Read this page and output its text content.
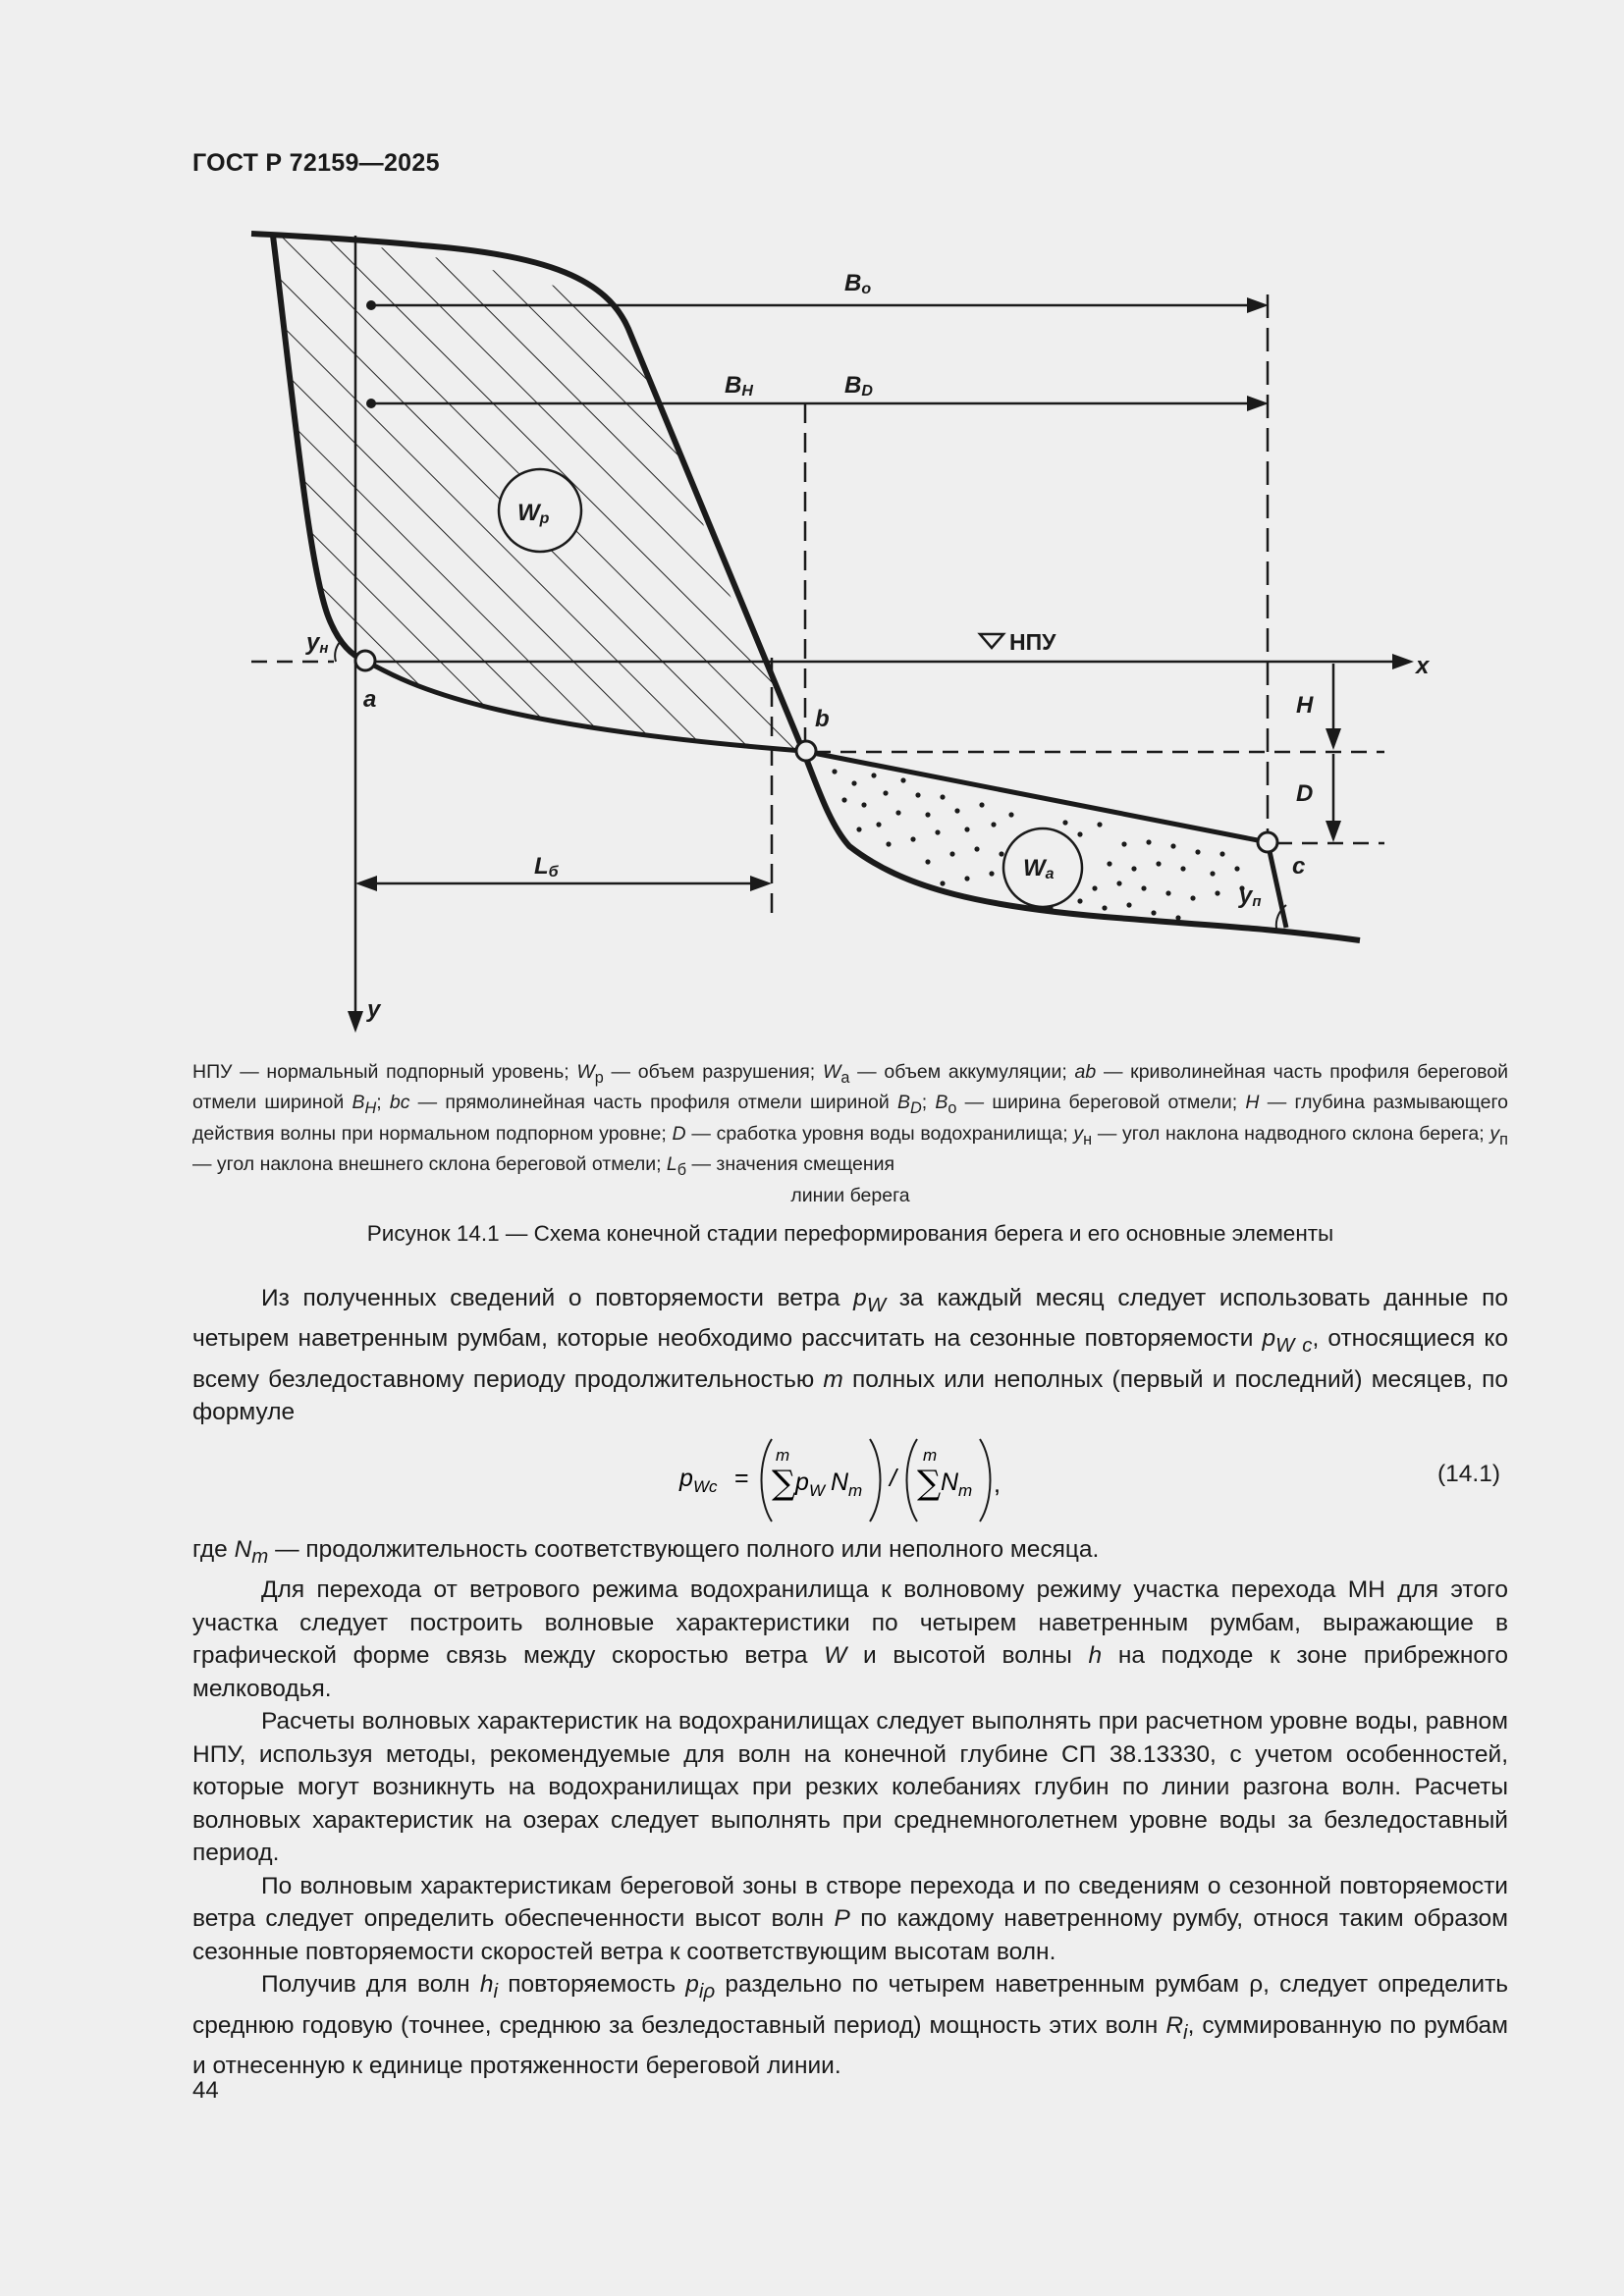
ГОСТ Р 72159—2025
Wа
Wр
y
x
НПУ
Bо
BH	BD
H
D
Lб
a
b
c
yн
yп
НПУ — нормальный подпорный уровень; $W_р$ — объем разрушения; $W_а$ — объем аккумуляции; ab — криволинейная часть профиля береговой отмели шириной $B_H$; bc — прямолинейная часть профиля отмели шириной $B_D$; $B_о$ — ширина береговой отмели; H — глубина размывающего действия волны при нормальном подпорном уровне; D — сработка уровня воды водохранилища; $y_н$ — угол наклона надводного склона берега; $y_п$ — угол наклона внешнего склона береговой отмели; $L_б$ — значения смещения
линии берега
Рисунок 14.1 — Схема конечной стадии переформирования берега и его основные элементы

Из полученных сведений о повторяемости ветра $p_W$ за каждый месяц следует использовать данные по четырем наветренным румбам, которые необходимо рассчитать на сезонные повторяемости $p_{W c}$, относящиеся ко всему безледоставному периоду продолжительностью m полных или неполных (первый и последний) месяцев, по формуле

p Wc =
m
∑ p W N m /
m
∑ N m ,	(14.1)

где $N_m$ — продолжительность соответствующего полного или неполного месяца.

Для перехода от ветрового режима водохранилища к волновому режиму участка перехода МН для этого участка следует построить волновые характеристики по четырем наветренным румбам, выражающие в графической форме связь между скоростью ветра W и высотой волны h на подходе к зоне прибрежного мелководья.

Расчеты волновых характеристик на водохранилищах следует выполнять при расчетном уровне воды, равном НПУ, используя методы, рекомендуемые для волн на конечной глубине СП 38.13330, с учетом особенностей, которые могут возникнуть на водохранилищах при резких колебаниях глубин по линии разгона волн. Расчеты волновых характеристик на озерах следует выполнять при среднемноголетнем уровне воды за безледоставный период.

По волновым характеристикам береговой зоны в створе перехода и по сведениям о сезонной повторяемости ветра следует определить обеспеченности высот волн P по каждому наветренному румбу, относя таким образом сезонные повторяемости скоростей ветра к соответствующим высотам волн.

Получив для волн $h_i$ повторяемость $p_{i\rho}$ раздельно по четырем наветренным румбам ρ, следует определить среднюю годовую (точнее, среднюю за безледоставный период) мощность этих волн $R_i$, суммированную по румбам и отнесенную к единице протяженности береговой линии.

44
